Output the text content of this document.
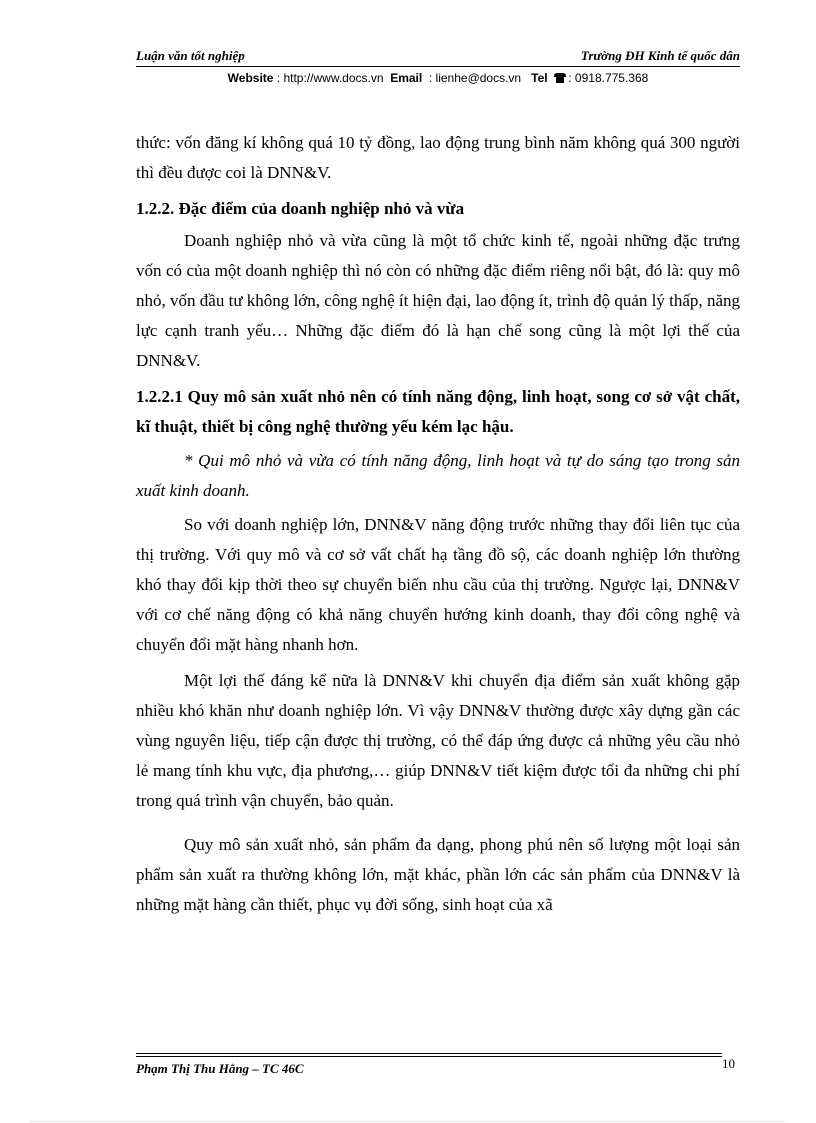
Luận văn tốt nghiệp	Trường ĐH Kinh tế quốc dân
Website : http://www.docs.vn Email : lienhe@docs.vn Tel : 0918.775.368

thức: vốn đăng kí không quá 10 tỷ đồng, lao động trung bình năm không quá 300 người thì đều được coi là DNN&V.

1.2.2. Đặc điểm của doanh nghiệp nhỏ và vừa

Doanh nghiệp nhỏ và vừa cũng là một tổ chức kinh tế, ngoài những đặc trưng vốn có của một doanh nghiệp thì nó còn có những đặc điểm riêng nổi bật, đó là: quy mô nhỏ, vốn đầu tư không lớn, công nghệ ít hiện đại, lao động ít, trình độ quản lý thấp, năng lực cạnh tranh yếu… Những đặc điểm đó là hạn chế song cũng là một lợi thế của DNN&V.

1.2.2.1 Quy mô sản xuất nhỏ nên có tính năng động, linh hoạt, song cơ sở vật chất, kĩ thuật, thiết bị công nghệ thường yếu kém lạc hậu.

* Qui mô nhỏ và vừa có tính năng động, linh hoạt và tự do sáng tạo trong sản xuất kinh doanh.

So với doanh nghiệp lớn, DNN&V năng động trước những thay đổi liên tục của thị trường. Với quy mô và cơ sở vất chất hạ tầng đồ sộ, các doanh nghiệp lớn thường khó thay đổi kịp thời theo sự chuyển biến nhu cầu của thị trường. Ngược lại, DNN&V với cơ chế năng động có khả năng chuyển hướng kinh doanh, thay đổi công nghệ và chuyển đổi mặt hàng nhanh hơn.

Một lợi thế đáng kể nữa là DNN&V khi chuyển địa điểm sản xuất không gặp nhiều khó khăn như doanh nghiệp lớn. Vì vậy DNN&V thường được xây dựng gần các vùng nguyên liệu, tiếp cận được thị trường, có thể đáp ứng được cả những yêu cầu nhỏ lẻ mang tính khu vực, địa phương,… giúp DNN&V tiết kiệm được tối đa những chi phí trong quá trình vận chuyển, bảo quản.

Quy mô sản xuất nhỏ, sản phẩm đa dạng, phong phú nên số lượng một loại sản phẩm sản xuất ra thường không lớn, mặt khác, phần lớn các sản phẩm của DNN&V là những mặt hàng cần thiết, phục vụ đời sống, sinh hoạt của xã

Phạm Thị Thu Hằng – TC 46C	10
